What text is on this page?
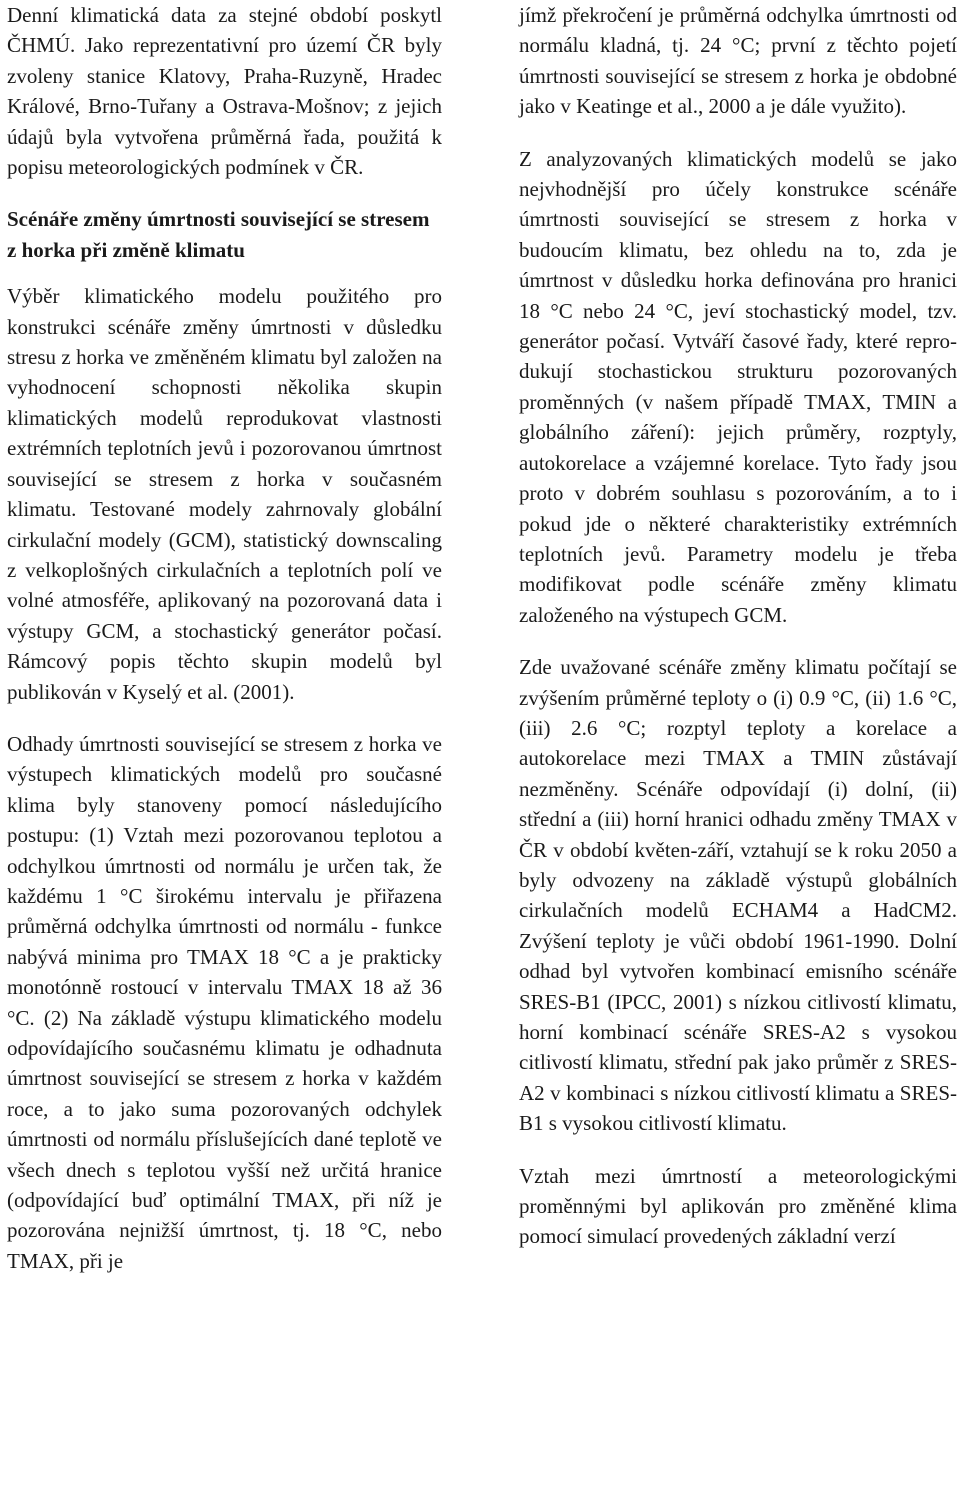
Denní klimatická data za stejné období poskytl ČHMÚ. Jako reprezentativní pro území ČR byly zvoleny stanice Klatovy, Praha-Ruzyně, Hradec Králové, Brno-Tuřany a Ostrava-Mošnov; z jejich údajů byla vytvořena průměrná řada, použitá k popisu meteorologických podmínek v ČR.

Scénáře změny úmrtnosti související se stresem z horka při změně klimatu

Výběr klimatického modelu použitého pro konstrukci scénáře změny úmrtnosti v důsledku stresu z horka ve změněném klimatu byl založen na vyhodnocení schopnosti několika skupin klimatických modelů reprodukovat vlastnosti extrémních teplotních jevů i pozorovanou úmrtnost související se stresem z horka v současném klimatu. Testované modely zahrnovaly globální cirkulační modely (GCM), statistický downscaling z velkoplošných cirkulačních a teplotních polí ve volné atmosféře, aplikovaný na pozorovaná data i výstupy GCM, a stochastický generátor počasí. Rámcový popis těchto skupin modelů byl publikován v Kyselý et al. (2001).

Odhady úmrtnosti související se stresem z horka ve výstupech klimatických modelů pro současné klima byly stanoveny pomocí následujícího postupu: (1) Vztah mezi pozorovanou teplotou a odchylkou úmrtnosti od normálu je určen tak, že každému 1 °C širokému intervalu je přiřazena průměrná odchylka úmrtnosti od normálu - funkce nabývá minima pro TMAX 18 °C a je prakticky monotónně rostoucí v intervalu TMAX 18 až 36 °C. (2) Na základě výstupu klimatického modelu odpovídajícího současnému klimatu je odhadnuta úmrtnost související se stresem z horka v každém roce, a to jako suma pozorovaných odchylek úmrtnosti od normálu příslušejících dané teplotě ve všech dnech s teplotou vyšší než určitá hranice (odpovídající buď optimální TMAX, při níž je pozorována nejnižší úmrtnost, tj. 18 °C, nebo TMAX, při je

jímž překročení je průměrná odchylka úmrtnosti od normálu kladná, tj. 24 °C; první z těchto pojetí úmrtnosti související se stresem z horka je obdobné jako v Keatinge et al., 2000 a je dále využito).

Z analyzovaných klimatických modelů se jako nejvhodnější pro účely konstrukce scénáře úmrtnosti související se stresem z horka v budoucím klimatu, bez ohledu na to, zda je úmrtnost v důsledku horka definována pro hranici 18 °C nebo 24 °C, jeví stochastický model, tzv. generátor počasí. Vytváří časové řady, které reprodukují stochastickou strukturu pozorovaných proměnných (v našem případě TMAX, TMIN a globálního záření): jejich průměry, rozptyly, autokorelace a vzájemné korelace. Tyto řady jsou proto v dobrém souhlasu s pozorováním, a to i pokud jde o některé charakteristiky extrémních teplotních jevů. Parametry modelu je třeba modifikovat podle scénáře změny klimatu založeného na výstupech GCM.

Zde uvažované scénáře změny klimatu počítají se zvýšením průměrné teploty o (i) 0.9 °C, (ii) 1.6 °C, (iii) 2.6 °C; rozptyl teploty a korelace a autokorelace mezi TMAX a TMIN zůstávají nezměněny. Scénáře odpovídají (i) dolní, (ii) střední a (iii) horní hranici odhadu změny TMAX v ČR v období květen-září, vztahují se k roku 2050 a byly odvozeny na základě výstupů globálních cirkulačních modelů ECHAM4 a HadCM2. Zvýšení teploty je vůči období 1961-1990. Dolní odhad byl vytvořen kombinací emisního scénáře SRES-B1 (IPCC, 2001) s nízkou citlivostí klimatu, horní kombinací scénáře SRES-A2 s vysokou citlivostí klimatu, střední pak jako průměr z SRES-A2 v kombinaci s nízkou citlivostí klimatu a SRES-B1 s vysokou citlivostí klimatu.

Vztah mezi úmrtností a meteorologickými proměnnými byl aplikován pro změněné klima pomocí simulací provedených základní verzí
